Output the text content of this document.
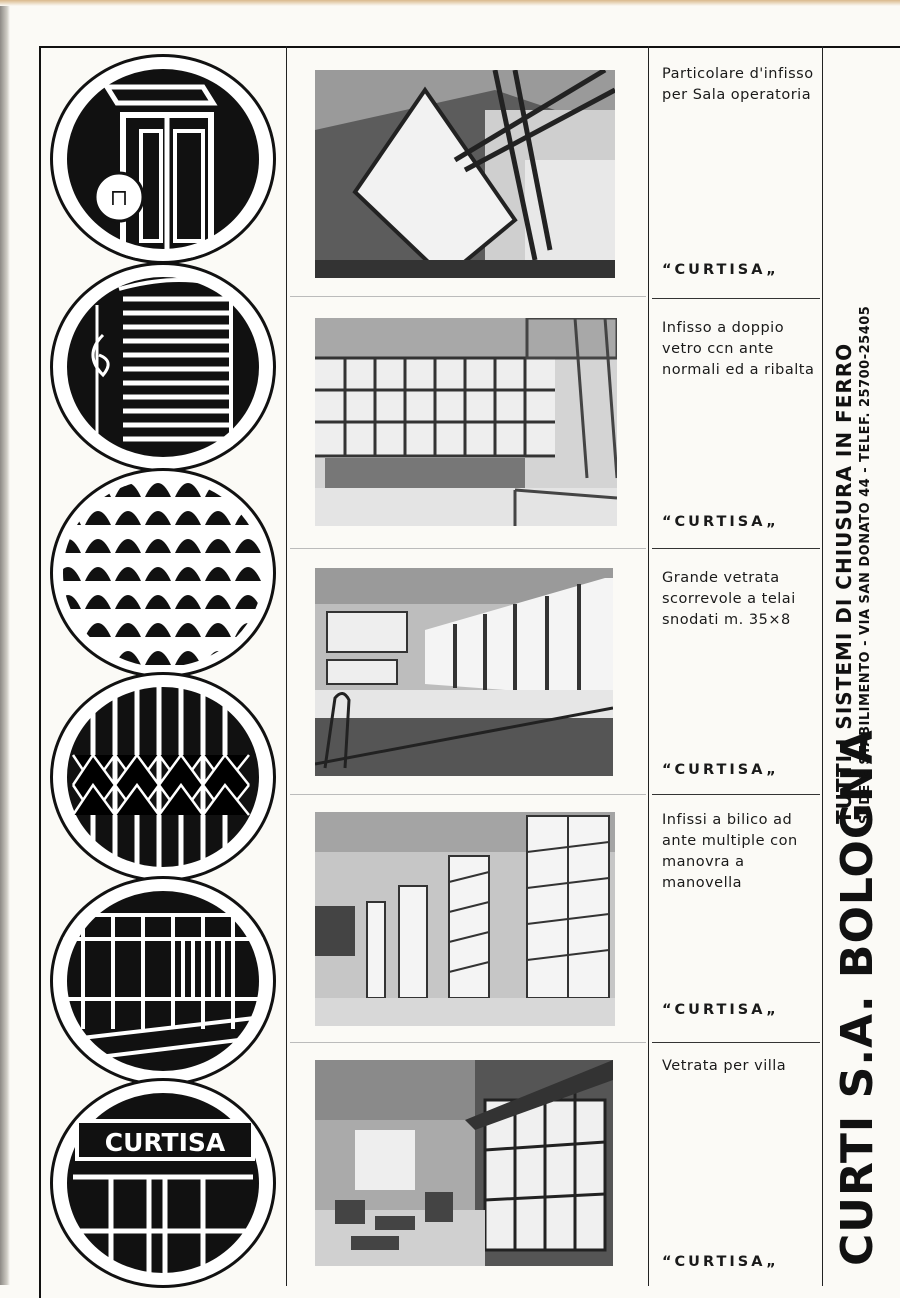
⊓
CURTISA
Particolare d'infisso per Sala operatoria
“CURTISA„
Infisso a doppio vetro ccn ante normali ed a ribalta
“CURTISA„
Grande vetrata scorrevole a telai snodati m. 35×8
“CURTISA„
Infissi a bilico ad ante multiple con manovra a manovella
“CURTISA„
Vetrata per villa
“CURTISA„ CURTI S.A. BOLOGNA
TUTTI I SISTEMI DI CHIUSURA IN FERRO SEDE E STABILIMENTO - VIA SAN DONATO 44 - TELEF. 25700-25405
